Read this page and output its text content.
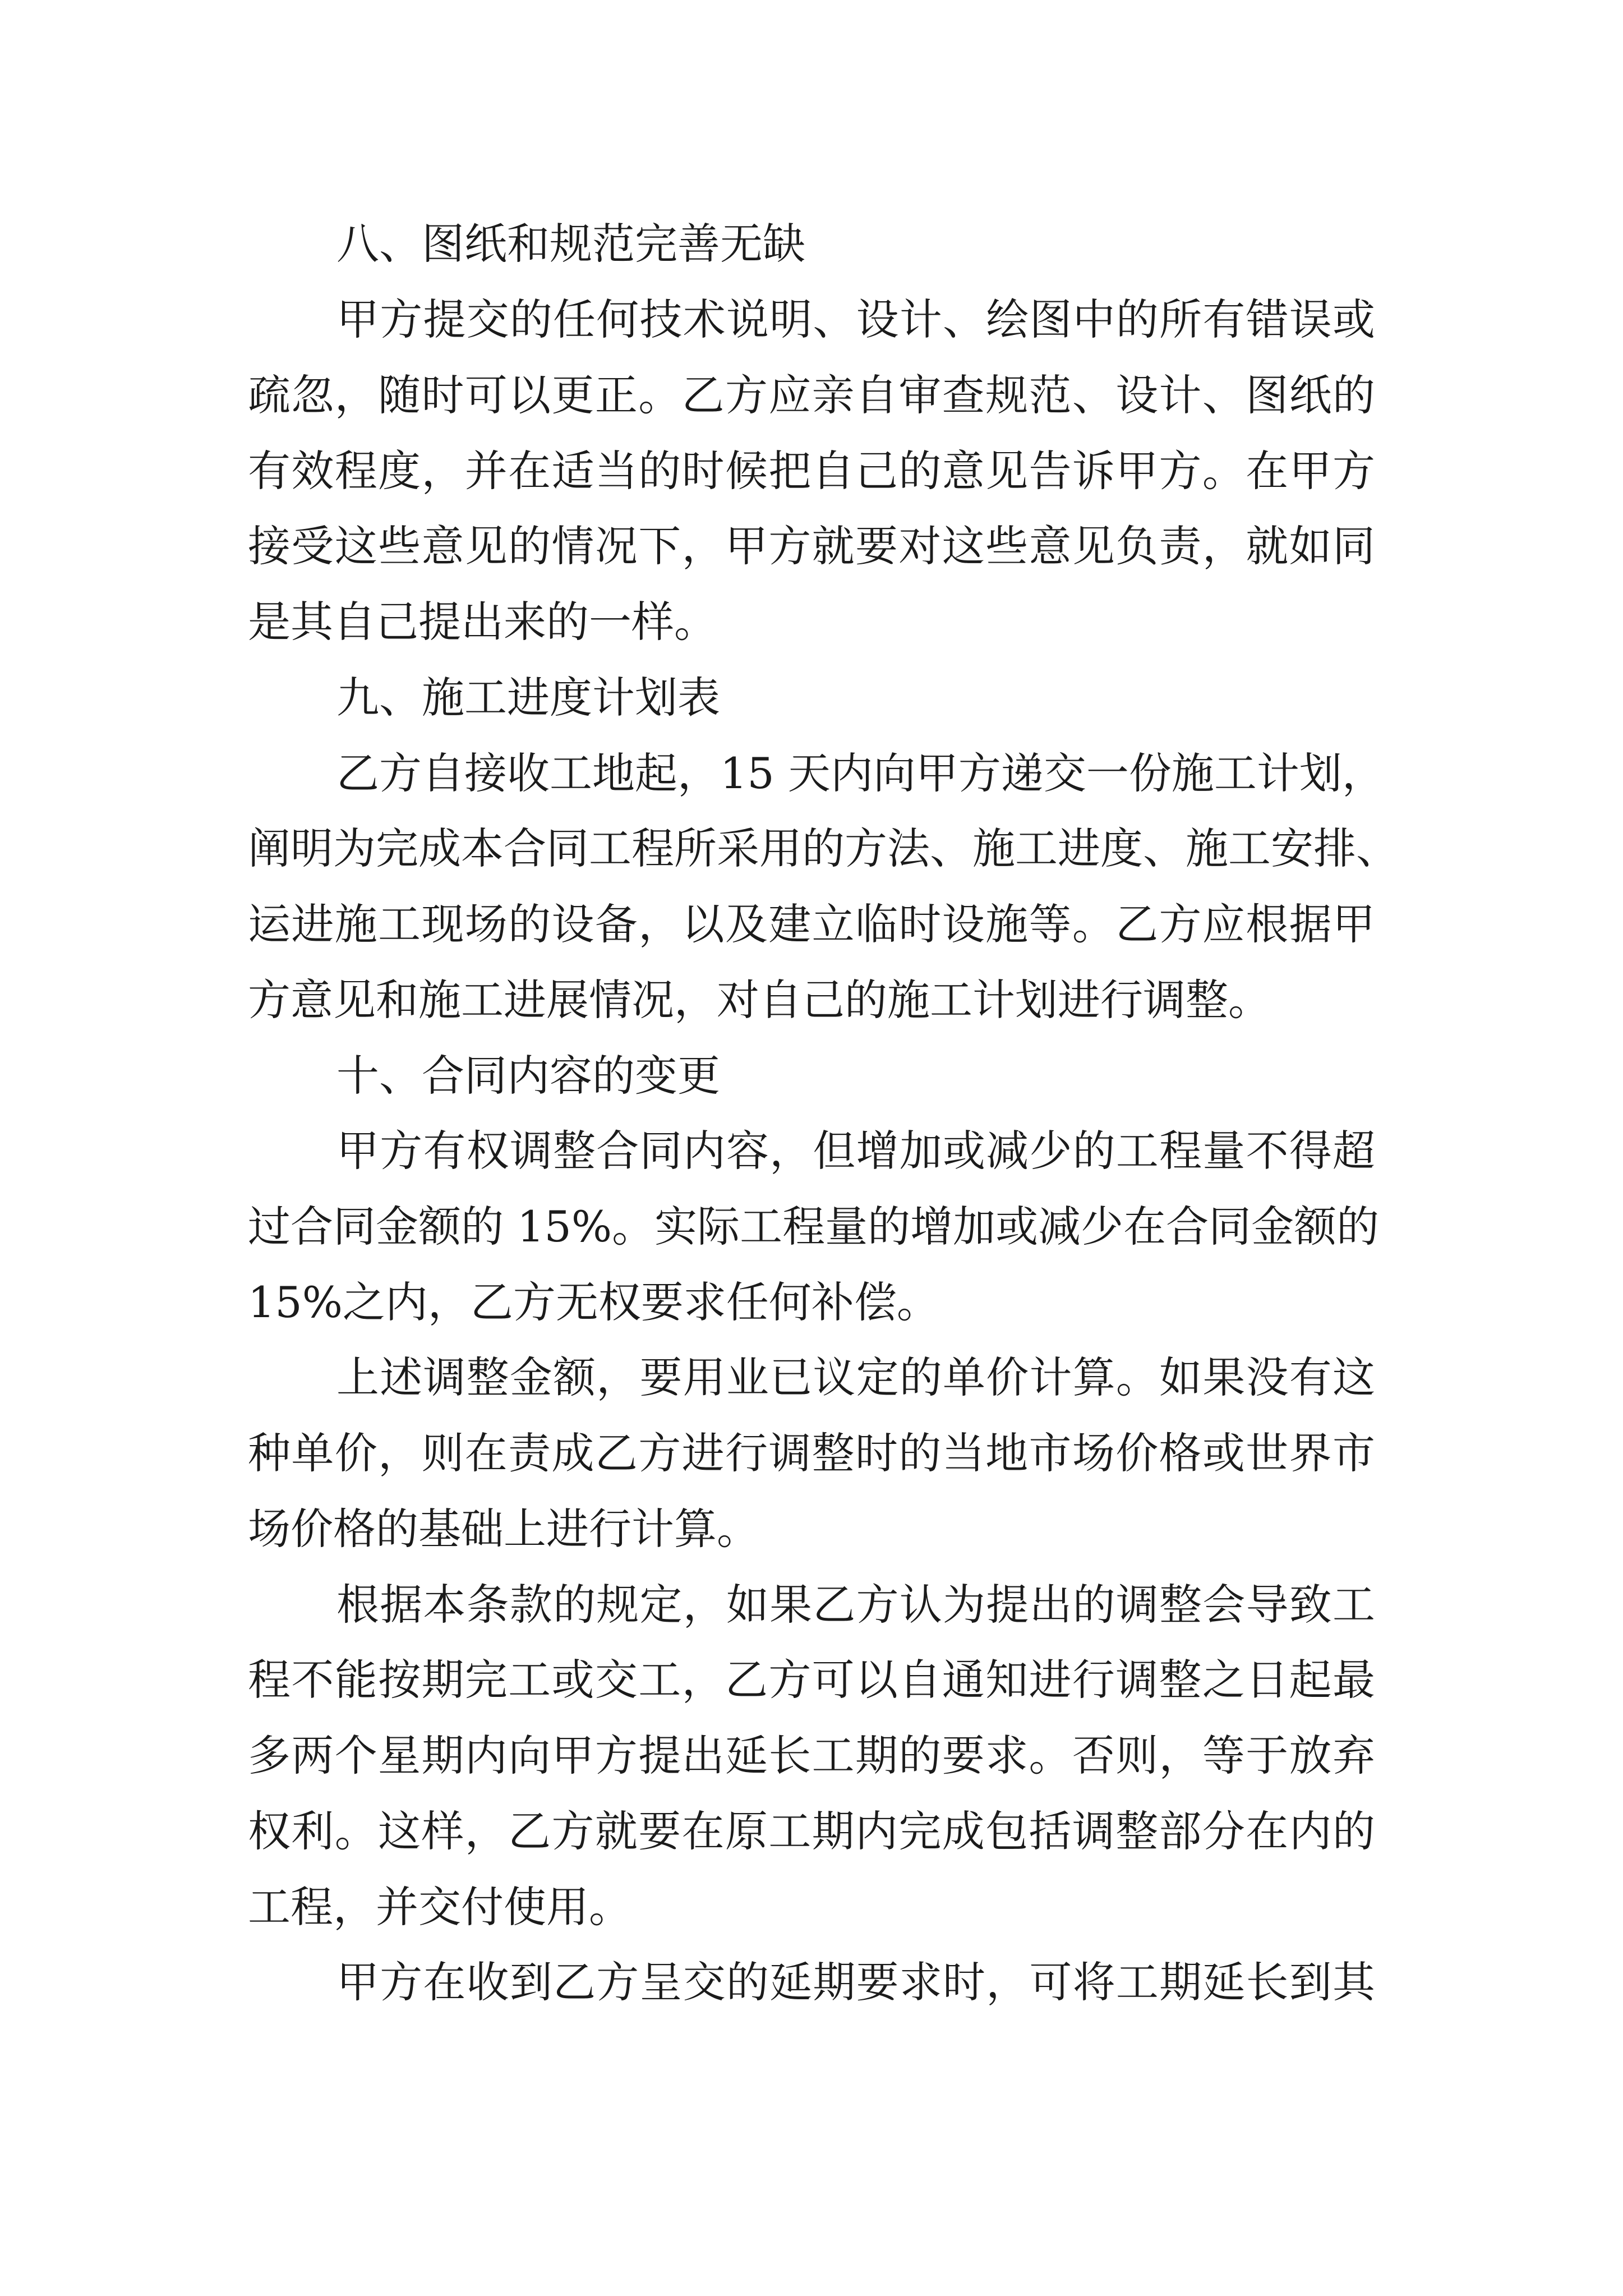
八、图纸和规范完善无缺

甲方提交的任何技术说明、设计、绘图中的所有错误或

疏忽，随时可以更正。乙方应亲自审查规范、设计、图纸的

有效程度，并在适当的时候把自己的意见告诉甲方。在甲方

接受这些意见的情况下，甲方就要对这些意见负责，就如同

是其自己提出来的一样。

九、施工进度计划表

乙方自接收工地起，15 天内向甲方递交一份施工计划，

阐明为完成本合同工程所采用的方法、施工进度、施工安排、

运进施工现场的设备，以及建立临时设施等。乙方应根据甲

方意见和施工进展情况，对自己的施工计划进行调整。

十、合同内容的变更

甲方有权调整合同内容，但增加或减少的工程量不得超

过合同金额的 15%。实际工程量的增加或减少在合同金额的

15%之内，乙方无权要求任何补偿。

上述调整金额，要用业已议定的单价计算。如果没有这

种单价，则在责成乙方进行调整时的当地市场价格或世界市

场价格的基础上进行计算。

根据本条款的规定，如果乙方认为提出的调整会导致工

程不能按期完工或交工，乙方可以自通知进行调整之日起最

多两个星期内向甲方提出延长工期的要求。否则，等于放弃

权利。这样，乙方就要在原工期内完成包括调整部分在内的

工程，并交付使用。

甲方在收到乙方呈交的延期要求时，可将工期延长到其
